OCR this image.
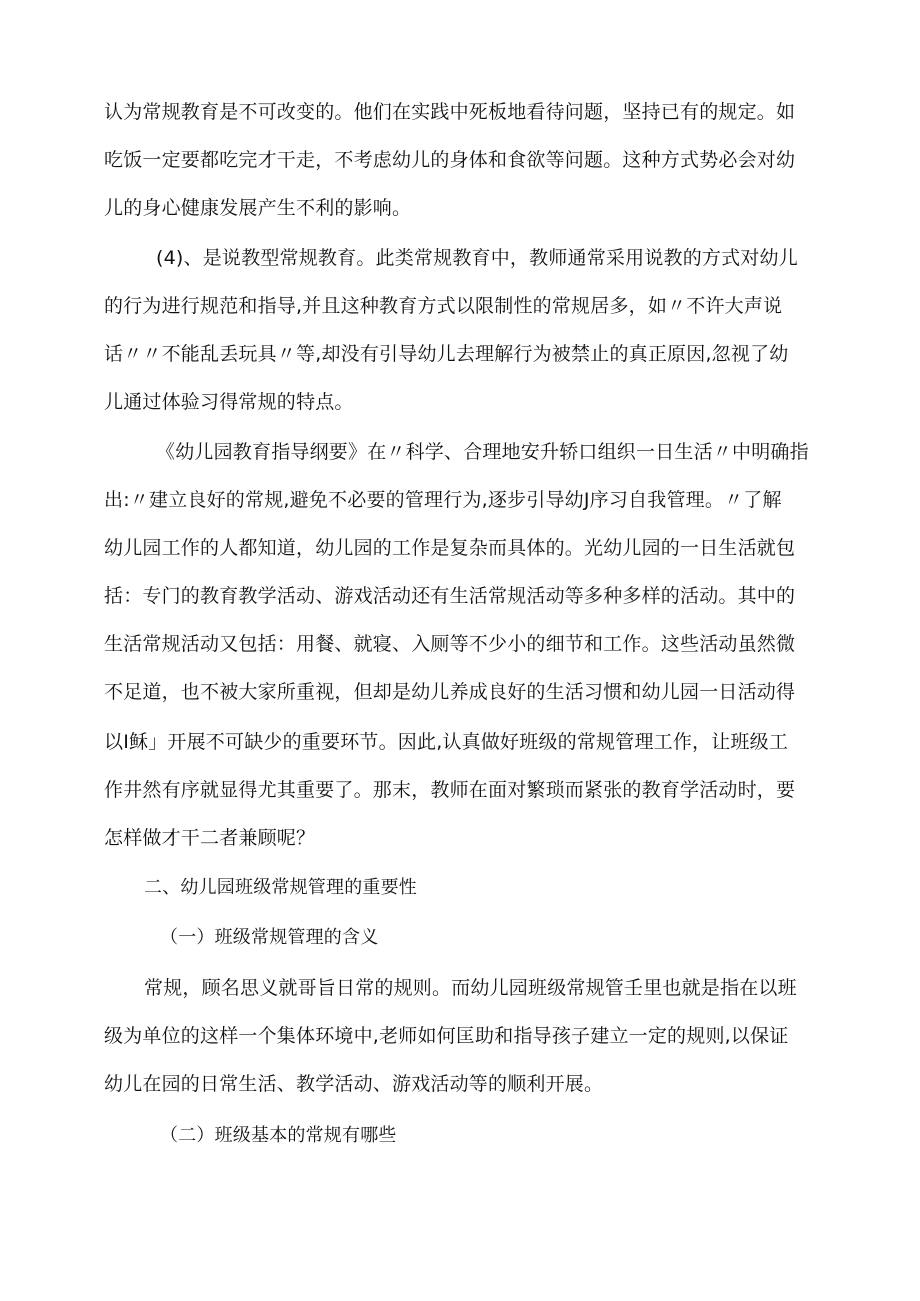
认为常规教育是不可改变的。他们在实践中死板地看待问题，坚持已有的规定。如
吃饭一定要都吃完才干走，不考虑幼儿的身体和食欲等问题。这种方式势必会对幼
儿的身心健康发展产生不利的影响。
(4)、是说教型常规教育。此类常规教育中，教师通常采用说教的方式对幼儿
的行为进行规范和指导,并且这种教育方式以限制性的常规居多，如〃不许大声说
话〃〃不能乱丢玩具〃等,却没有引导幼儿去理解行为被禁止的真正原因,忽视了幼
儿通过体验习得常规的特点。
《幼儿园教育指导纲要》在〃科学、合理地安升轿口组织一日生活〃中明确指
出:〃建立良好的常规,避免不必要的管理行为,逐步引导幼J序习自我管理。〃了解
幼儿园工作的人都知道，幼儿园的工作是复杂而具体的。光幼儿园的一日生活就包
括：专门的教育教学活动、游戏活动还有生活常规活动等多种多样的活动。其中的
生活常规活动又包括：用餐、就寝、入厕等不少小的细节和工作。这些活动虽然微
不足道，也不被大家所重视，但却是幼儿养成良好的生活习惯和幼儿园一日活动得
以I稣」开展不可缺少的重要环节。因此,认真做好班级的常规管理工作，让班级工
作井然有序就显得尤其重要了。那末，教师在面对繁琐而紧张的教育学活动时，要
怎样做才干二者兼顾呢？
二、幼儿园班级常规管理的重要性
（一）班级常规管理的含义
常规，顾名思义就哥旨日常的规则。而幼儿园班级常规管壬里也就是指在以班
级为单位的这样一个集体环境中,老师如何匡助和指导孩子建立一定的规则,以保证
幼儿在园的日常生活、教学活动、游戏活动等的顺利开展。
（二）班级基本的常规有哪些
